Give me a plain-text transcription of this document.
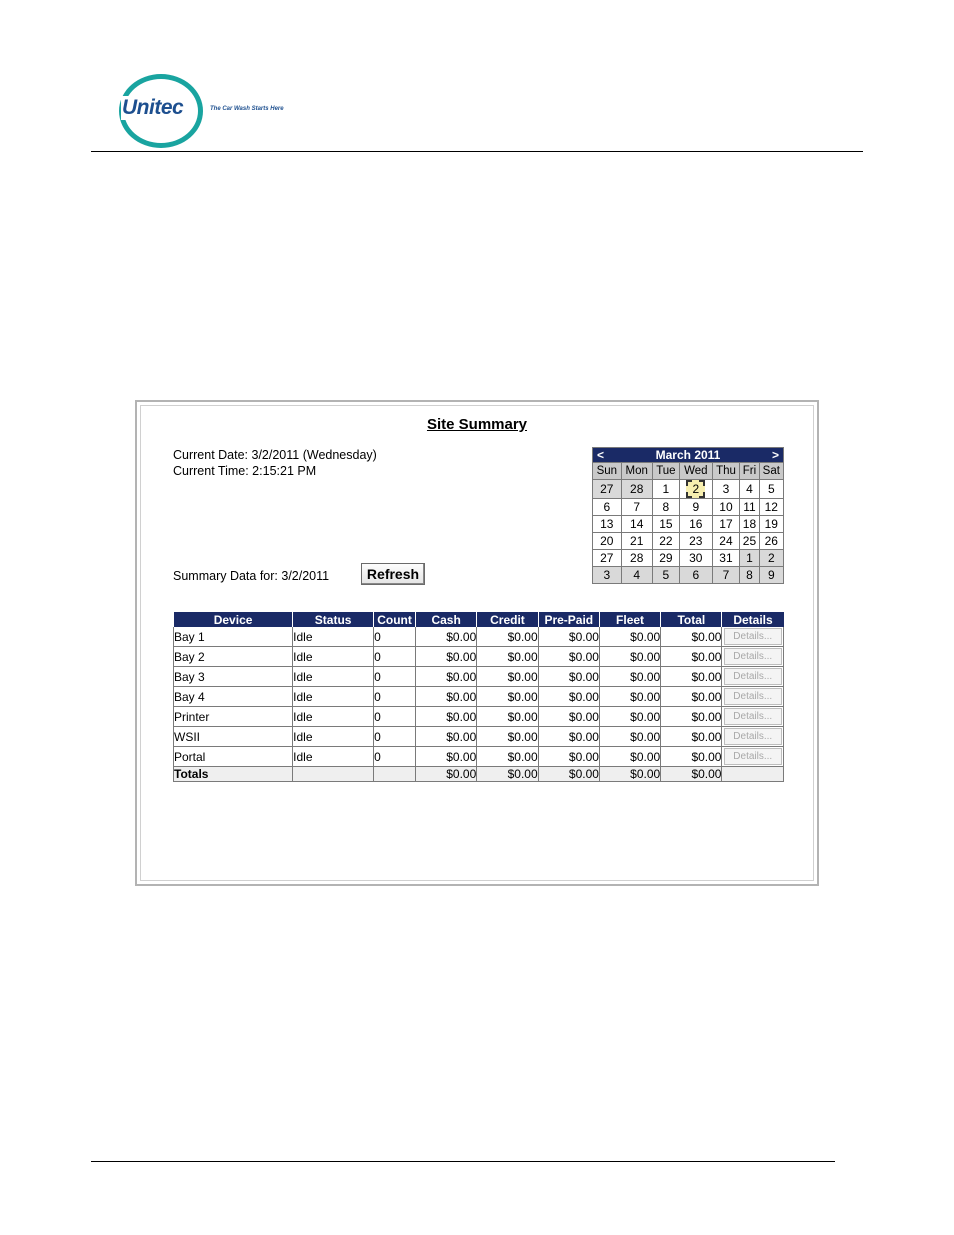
Unitec	The Car Wash Starts Here
Site Summary
Current Date: 3/2/2011 (Wednesday)
Current Time: 2:15:21 PM
Summary Data for: 3/2/2011	Refresh
< March 2011 >						

Sun	Mon	Tue	Wed	Thu	Fri	Sat
27	28	1	2	3	4	5
6	7	8	9	10	11	12
13	14	15	16	17	18	19
20	21	22	23	24	25	26
27	28	29	30	31	1	2
3	4	5	6	7	8	9
Device	Status	Count	Cash	Credit	Pre-Paid	Fleet	Total	Details
Bay 1	Idle	0	$0.00	$0.00	$0.00	$0.00	$0.00	Details...
Bay 2	Idle	0	$0.00	$0.00	$0.00	$0.00	$0.00	Details...
Bay 3	Idle	0	$0.00	$0.00	$0.00	$0.00	$0.00	Details...
Bay 4	Idle	0	$0.00	$0.00	$0.00	$0.00	$0.00	Details...
Printer	Idle	0	$0.00	$0.00	$0.00	$0.00	$0.00	Details...
WSII	Idle	0	$0.00	$0.00	$0.00	$0.00	$0.00	Details...
Portal	Idle	0	$0.00	$0.00	$0.00	$0.00	$0.00	Details...
Totals			$0.00	$0.00	$0.00	$0.00	$0.00	
